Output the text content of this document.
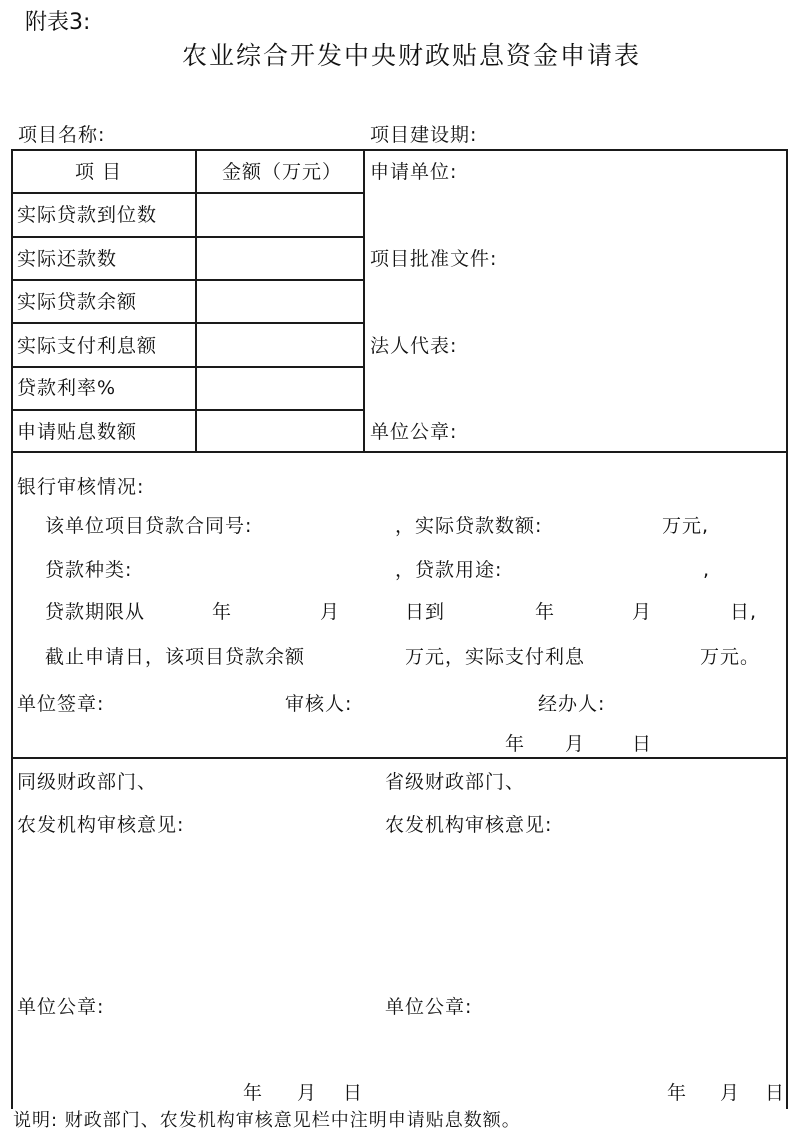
附表3:
农业综合开发中央财政贴息资金申请表
项目名称:	项目建设期:
项 目	金额（万元）
实际贷款到位数
实际还款数
实际贷款余额
实际支付利息额
贷款利率%
申请贴息数额
申请单位:
项目批准文件:
法人代表:
单位公章:
银行审核情况:
该单位项目贷款合同号:	，实际贷款数额:	万元,
贷款种类:	，贷款用途:	,
贷款期限从	年	月	日到	年	月	日,
截止申请日，该项目贷款余额	万元，实际支付利息	万元。
单位签章:	审核人:	经办人:
年 月 日
同级财政部门、
农发机构审核意见:
省级财政部门、
农发机构审核意见:
单位公章:	单位公章:
年 月 日	年 月 日
说明: 财政部门、农发机构审核意见栏中注明申请贴息数额。
